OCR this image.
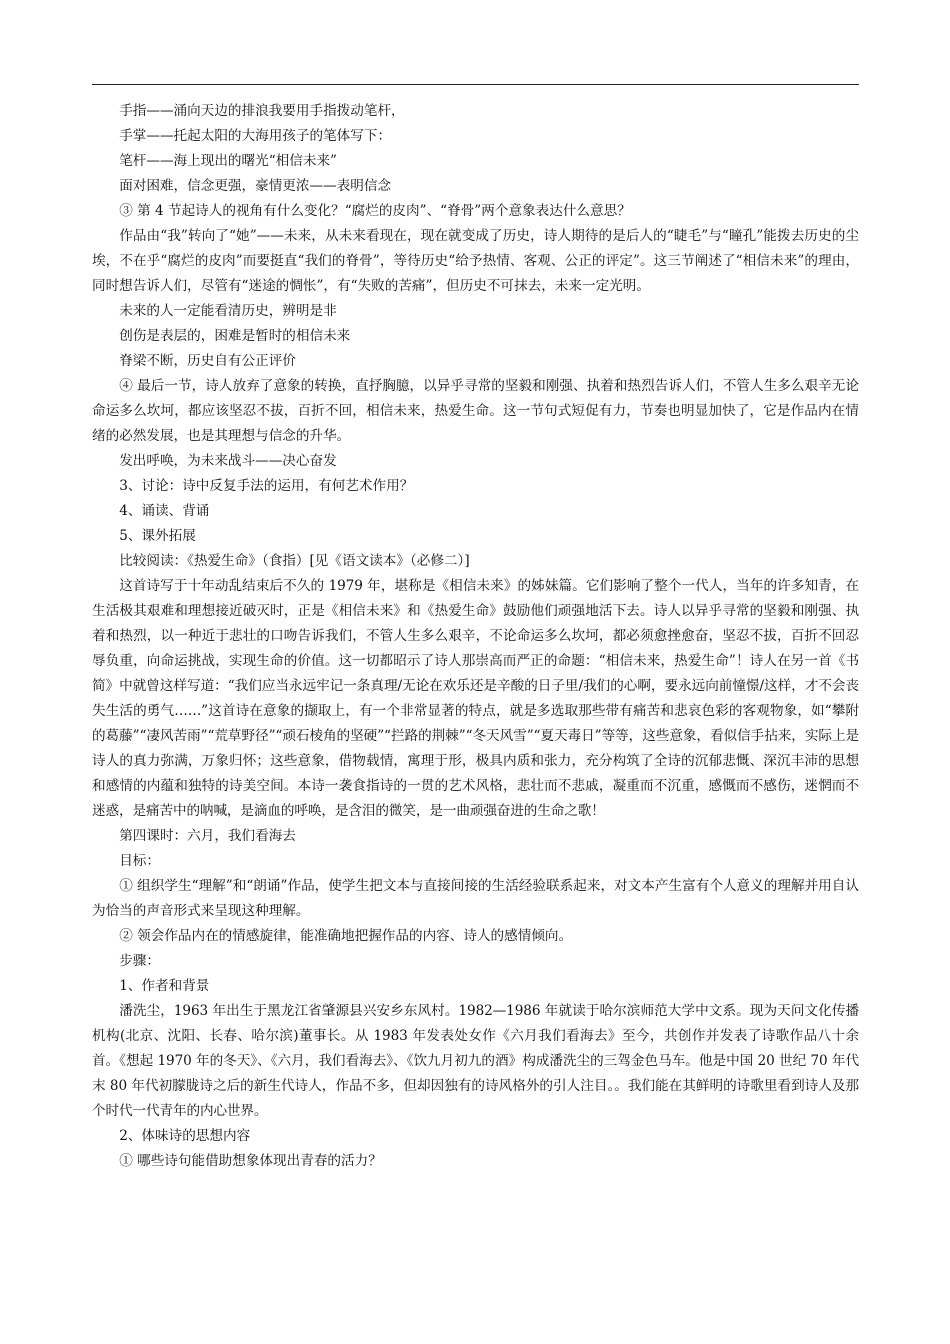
手指——涌向天边的排浪我要用手指拨动笔杆，

手掌——托起太阳的大海用孩子的笔体写下：

笔杆——海上现出的曙光“相信未来”

面对困难，信念更强，豪情更浓——表明信念

③ 第 4 节起诗人的视角有什么变化？“腐烂的皮肉”、“脊骨”两个意象表达什么意思？

作品由“我”转向了“她”——未来，从未来看现在，现在就变成了历史，诗人期待的是后人的“睫毛”与“瞳孔”能拨去历史的尘埃，不在乎“腐烂的皮肉”而要挺直“我们的脊骨”，等待历史“给予热情、客观、公正的评定”。这三节阐述了“相信未来”的理由，同时想告诉人们，尽管有“迷途的惆怅”，有“失败的苦痛”，但历史不可抹去，未来一定光明。

未来的人一定能看清历史，辨明是非

创伤是表层的，困难是暂时的相信未来

脊梁不断，历史自有公正评价

④ 最后一节，诗人放弃了意象的转换，直抒胸臆，以异乎寻常的坚毅和刚强、执着和热烈告诉人们，不管人生多么艰辛无论命运多么坎坷，都应该坚忍不拔，百折不回，相信未来，热爱生命。这一节句式短促有力，节奏也明显加快了，它是作品内在情绪的必然发展，也是其理想与信念的升华。

发出呼唤，为未来战斗——决心奋发

3、讨论：诗中反复手法的运用，有何艺术作用？

4、诵读、背诵

5、课外拓展

比较阅读：《热爱生命》（食指）[见《语文读本》（必修二）]

这首诗写于十年动乱结束后不久的 1979 年，堪称是《相信未来》的姊妹篇。它们影响了整个一代人，当年的许多知青，在生活极其艰难和理想接近破灭时，正是《相信未来》和《热爱生命》鼓励他们顽强地活下去。诗人以异乎寻常的坚毅和刚强、执着和热烈，以一种近于悲壮的口吻告诉我们，不管人生多么艰辛，不论命运多么坎坷，都必须愈挫愈奋，坚忍不拔，百折不回忍辱负重，向命运挑战，实现生命的价值。这一切都昭示了诗人那崇高而严正的命题：“相信未来，热爱生命”！诗人在另一首《书简》中就曾这样写道：“我们应当永远牢记一条真理/无论在欢乐还是辛酸的日子里/我们的心啊，要永远向前憧憬/这样，才不会丧失生活的勇气……”这首诗在意象的撷取上，有一个非常显著的特点，就是多选取那些带有痛苦和悲哀色彩的客观物象，如“攀附的葛藤”“凄风苦雨”“荒草野径”“顽石棱角的坚硬”“拦路的荆棘”“冬天风雪”“夏天毒日”等等，这些意象，看似信手拈来，实际上是诗人的真力弥满，万象归怀；这些意象，借物载情，寓理于形，极具内质和张力，充分构筑了全诗的沉郁悲慨、深沉丰沛的思想和感情的内蕴和独特的诗美空间。本诗一袭食指诗的一贯的艺术风格，悲壮而不悲戚，凝重而不沉重，感慨而不感伤，迷惘而不迷惑，是痛苦中的呐喊，是滴血的呼唤，是含泪的微笑，是一曲顽强奋进的生命之歌！

第四课时：六月，我们看海去

目标：

① 组织学生“理解”和“朗诵”作品，使学生把文本与直接间接的生活经验联系起来，对文本产生富有个人意义的理解并用自认为恰当的声音形式来呈现这种理解。

② 领会作品内在的情感旋律，能准确地把握作品的内容、诗人的感情倾向。

步骤：

1、作者和背景

潘洗尘，1963 年出生于黑龙江省肇源县兴安乡东风村。1982—1986 年就读于哈尔滨师范大学中文系。现为天问文化传播机构(北京、沈阳、长春、哈尔滨)董事长。从 1983 年发表处女作《六月我们看海去》至今，共创作并发表了诗歌作品八十余首。《想起 1970 年的冬天》、《六月，我们看海去》、《饮九月初九的酒》构成潘洗尘的三驾金色马车。他是中国 20 世纪 70 年代末 80 年代初朦胧诗之后的新生代诗人，作品不多，但却因独有的诗风格外的引人注目。。我们能在其鲜明的诗歌里看到诗人及那个时代一代青年的内心世界。

2、体味诗的思想内容

① 哪些诗句能借助想象体现出青春的活力？
